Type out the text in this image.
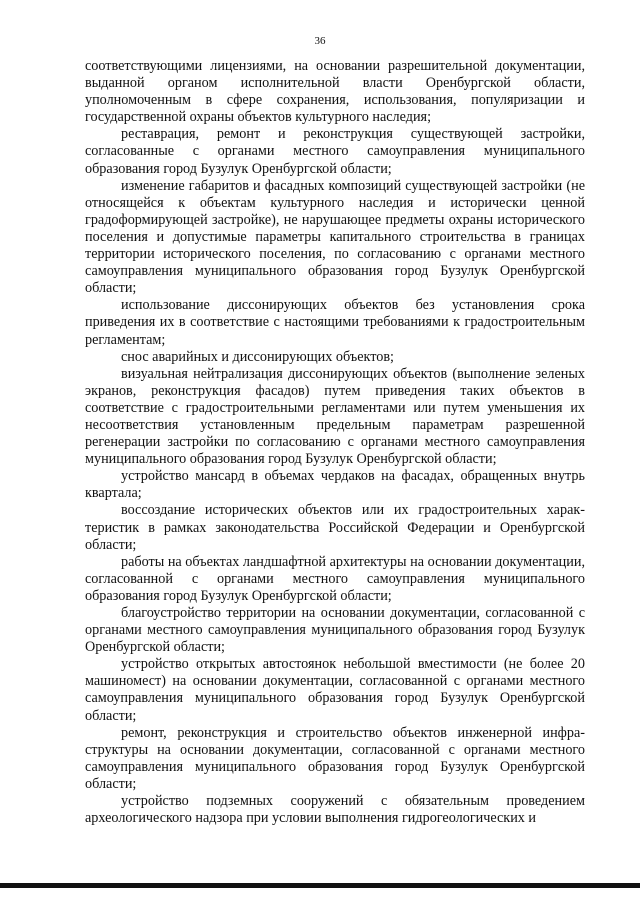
36

соответствующими лицензиями, на основании разрешительной документации, выданной органом исполнительной власти Оренбургской области, уполномоченным в сфере сохранения, использования, популяризации и государственной охраны объектов культурного наследия;

реставрация, ремонт и реконструкция существующей застройки, согласованные с органами местного самоуправления муниципального образования город Бузулук Оренбургской области;

изменение габаритов и фасадных композиций существующей застройки (не относящейся к объектам культурного наследия и исторически ценной градоформирующей застройке), не нарушающее предметы охраны исторического поселения и допустимые параметры капитального строительства в границах территории исторического поселения, по согласованию с органами местного самоуправления муниципального образования город Бузулук Оренбургской области;

использование диссонирующих объектов без установления срока приведения их в соответствие с настоящими требованиями к градостроительным регламентам;

снос аварийных и диссонирующих объектов;

визуальная нейтрализация диссонирующих объектов (выполнение зеленых экранов, реконструкция фасадов) путем приведения таких объектов в соответствие с градостроительными регламентами или путем уменьшения их несоответствия установленным предельным параметрам разрешенной регенерации застройки по согласованию с органами местного самоуправления муниципального образования город Бузулук Оренбургской области;

устройство мансард в объемах чердаков на фасадах, обращенных внутрь квартала;

воссоздание исторических объектов или их градостроительных характеристик в рамках законодательства Российской Федерации и Оренбургской области;

работы на объектах ландшафтной архитектуры на основании документации, согласованной с органами местного самоуправления муниципального образования город Бузулук Оренбургской области;

благоустройство территории на основании документации, согласованной с органами местного самоуправления муниципального образования город Бузулук Оренбургской области;

устройство открытых автостоянок небольшой вместимости (не более 20 машиномест) на основании документации, согласованной с органами местного самоуправления муниципального образования город Бузулук Оренбургской области;

ремонт, реконструкция и строительство объектов инженерной инфраструктуры на основании документации, согласованной с органами местного самоуправления муниципального образования город Бузулук Оренбургской области;

устройство подземных сооружений с обязательным проведением археологического надзора при условии выполнения гидрогеологических и
